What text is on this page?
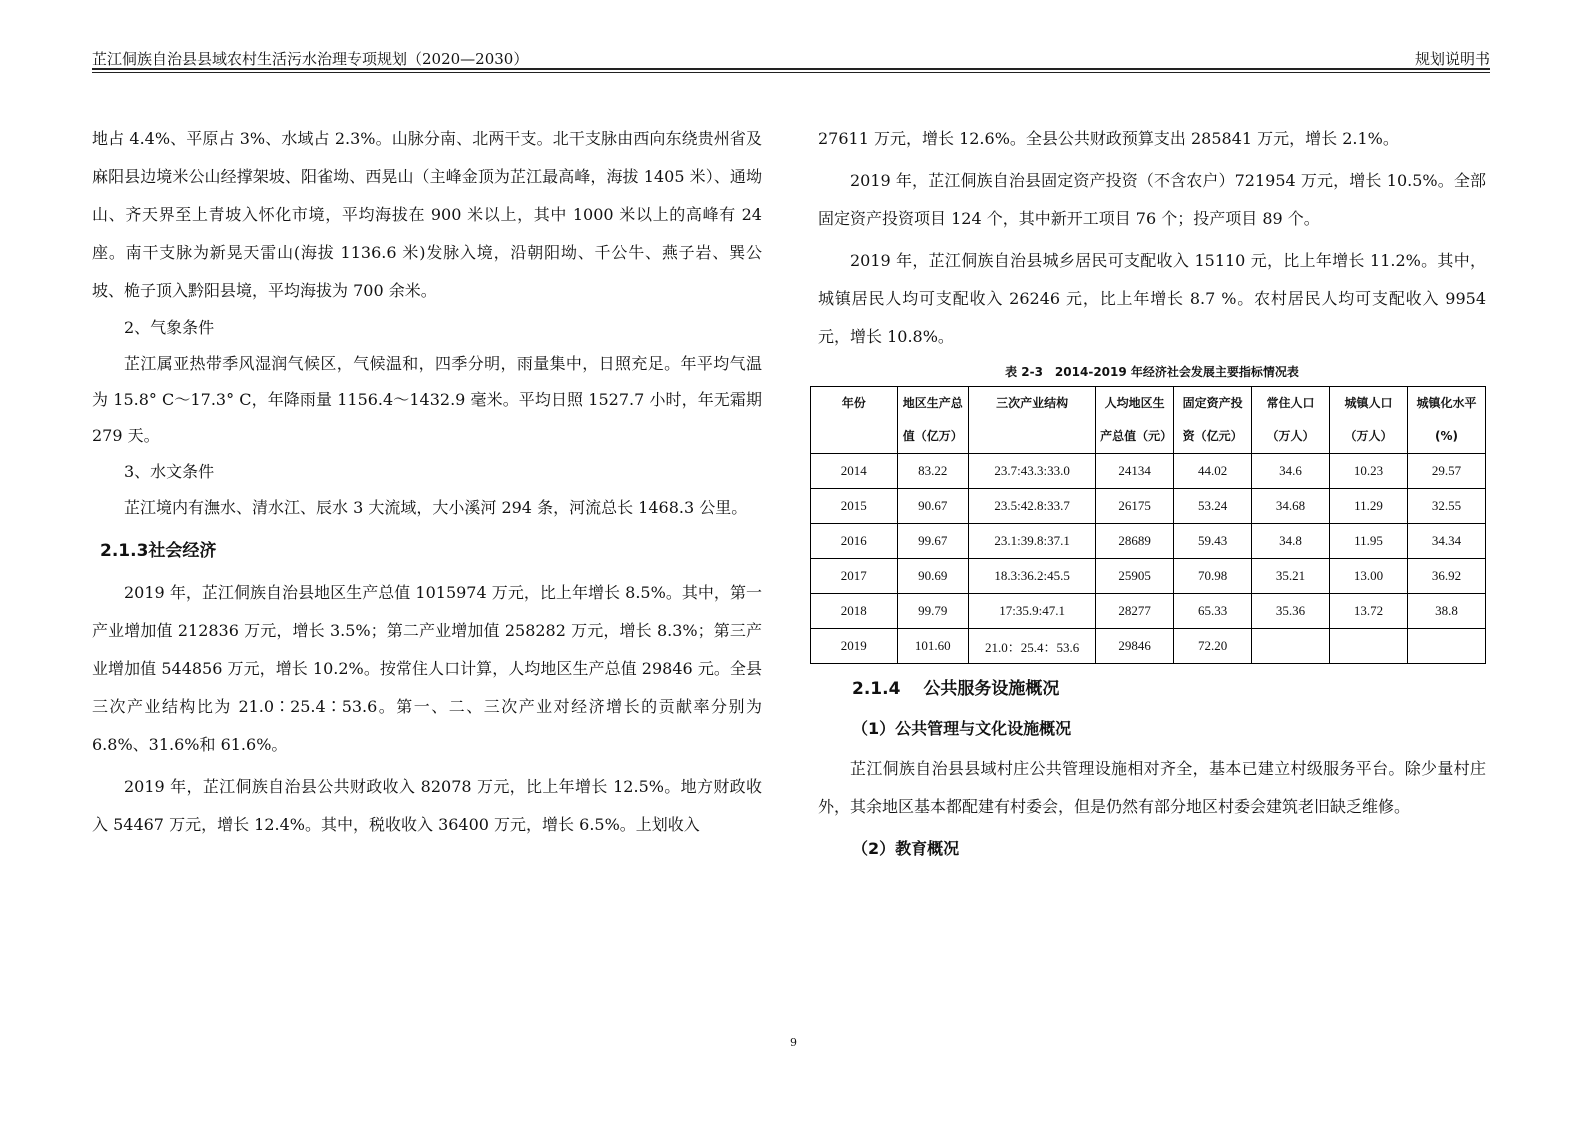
芷江侗族自治县县域农村生活污水治理专项规划（2020—2030）	规划说明书

地占 4.4%、平原占 3%、水域占 2.3%。山脉分南、北两干支。北干支脉由西向东绕贵州省及麻阳县边境米公山经撑架坡、阳雀坳、西晃山（主峰金顶为芷江最高峰，海拔 1405 米）、通坳山、齐天界至上青坡入怀化市境，平均海拔在 900 米以上，其中 1000 米以上的高峰有 24 座。南干支脉为新晃天雷山(海拔 1136.6 米)发脉入境，沿朝阳坳、千公牛、燕子岩、巽公坡、桅子顶入黔阳县境，平均海拔为 700 余米。

2、气象条件

芷江属亚热带季风湿润气候区，气候温和，四季分明，雨量集中，日照充足。年平均气温为 15.8° C～17.3° C，年降雨量 1156.4～1432.9 毫米。平均日照 1527.7 小时，年无霜期 279 天。

3、水文条件

芷江境内有潕水、清水江、辰水 3 大流域，大小溪河 294 条，河流总长 1468.3 公里。

2.1.3社会经济

2019 年，芷江侗族自治县地区生产总值 1015974 万元，比上年增长 8.5%。其中，第一产业增加值 212836 万元，增长 3.5%；第二产业增加值 258282 万元，增长 8.3%；第三产业增加值 544856 万元，增长 10.2%。按常住人口计算，人均地区生产总值 29846 元。全县三次产业结构比为 21.0∶25.4∶53.6。第一、二、三次产业对经济增长的贡献率分别为 6.8%、31.6%和 61.6%。

2019 年，芷江侗族自治县公共财政收入 82078 万元，比上年增长 12.5%。地方财政收入 54467 万元，增长 12.4%。其中，税收收入 36400 万元，增长 6.5%。上划收入

27611 万元，增长 12.6%。全县公共财政预算支出 285841 万元，增长 2.1%。

2019 年，芷江侗族自治县固定资产投资（不含农户）721954 万元，增长 10.5%。全部固定资产投资项目 124 个，其中新开工项目 76 个；投产项目 89 个。

2019 年，芷江侗族自治县城乡居民可支配收入 15110 元，比上年增长 11.2%。其中，城镇居民人均可支配收入 26246 元，比上年增长 8.7 %。农村居民人均可支配收入 9954 元，增长 10.8%。

表 2-3　2014-2019 年经济社会发展主要指标情况表
年份	地区生产总值（亿万）	三次产业结构	人均地区生产总值（元）	固定资产投资（亿元）	常住人口（万人）	城镇人口（万人）	城镇化水平(%)
2014	83.22	23.7:43.3:33.0	24134	44.02	34.6	10.23	29.57
2015	90.67	23.5:42.8:33.7	26175	53.24	34.68	11.29	32.55
2016	99.67	23.1:39.8:37.1	28689	59.43	34.8	11.95	34.34
2017	90.69	18.3:36.2:45.5	25905	70.98	35.21	13.00	36.92
2018	99.79	17:35.9:47.1	28277	65.33	35.36	13.72	38.8
2019	101.60	21.0：25.4：53.6	29846	72.20			
2.1.4　 公共服务设施概况
（1）公共管理与文化设施概况

芷江侗族自治县县域村庄公共管理设施相对齐全，基本已建立村级服务平台。除少量村庄外，其余地区基本都配建有村委会，但是仍然有部分地区村委会建筑老旧缺乏维修。

（2）教育概况
9
